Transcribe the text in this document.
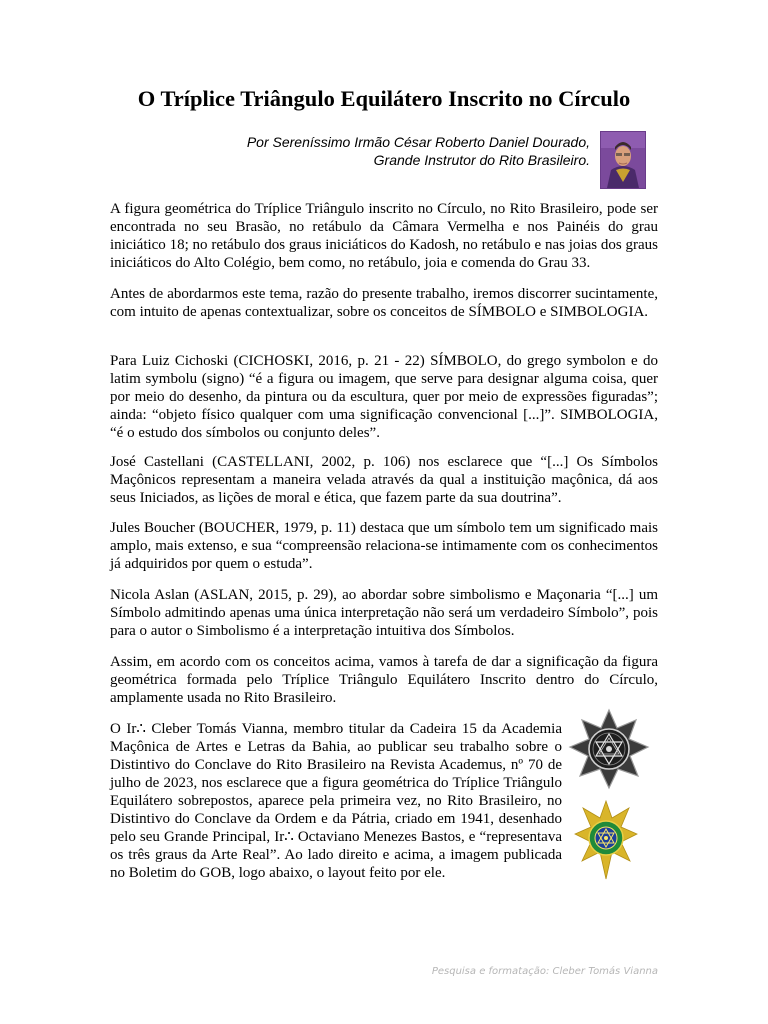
O Tríplice Triângulo Equilátero Inscrito no Círculo
Por Sereníssimo Irmão César Roberto Daniel Dourado,
Grande Instrutor do Rito Brasileiro.

A figura geométrica do Tríplice Triângulo inscrito no Círculo, no Rito Brasileiro, pode ser encontrada no seu Brasão, no retábulo da Câmara Vermelha e nos Painéis do grau iniciático 18; no retábulo dos graus iniciáticos do Kadosh, no retábulo e nas joias dos graus iniciáticos do Alto Colégio, bem como, no retábulo, joia e comenda do Grau 33.

Antes de abordarmos este tema, razão do presente trabalho, iremos discorrer sucintamente, com intuito de apenas contextualizar, sobre os conceitos de SÍMBOLO e SIMBOLOGIA.

Para Luiz Cichoski (CICHOSKI, 2016, p. 21 - 22) SÍMBOLO, do grego symbolon e do latim symbolu (signo) “é a figura ou imagem, que serve para designar alguma coisa, quer por meio do desenho, da pintura ou da escultura, quer por meio de expressões figuradas”; ainda: “objeto físico qualquer com uma significação convencional [...]”. SIMBOLOGIA, “é o estudo dos símbolos ou conjunto deles”.

José Castellani (CASTELLANI, 2002, p. 106) nos esclarece que “[...] Os Símbolos Maçônicos representam a maneira velada através da qual a instituição maçônica, dá aos seus Iniciados, as lições de moral e ética, que fazem parte da sua doutrina”.

Jules Boucher (BOUCHER, 1979, p. 11) destaca que um símbolo tem um significado mais amplo, mais extenso, e sua “compreensão relaciona-se intimamente com os conhecimentos já adquiridos por quem o estuda”.

Nicola Aslan (ASLAN, 2015, p. 29), ao abordar sobre simbolismo e Maçonaria “[...] um Símbolo admitindo apenas uma única interpretação não será um verdadeiro Símbolo”, pois para o autor o Simbolismo é a interpretação intuitiva dos Símbolos.

Assim, em acordo com os conceitos acima, vamos à tarefa de dar a significação da figura geométrica formada pelo Tríplice Triângulo Equilátero Inscrito dentro do Círculo, amplamente usada no Rito Brasileiro.

O Ir∴ Cleber Tomás Vianna, membro titular da Cadeira 15 da Academia Maçônica de Artes e Letras da Bahia, ao publicar seu trabalho sobre o Distintivo do Conclave do Rito Brasileiro na Revista Academus, nº 70 de julho de 2023, nos esclarece que a figura geométrica do Tríplice Triângulo Equilátero sobrepostos, aparece pela primeira vez, no Rito Brasileiro, no Distintivo do Conclave da Ordem e da Pátria, criado em 1941, desenhado pelo seu Grande Principal, Ir∴ Octaviano Menezes Bastos, e “representava os três graus da Arte Real”. Ao lado direito e acima, a imagem publicada no Boletim do GOB, logo abaixo, o layout feito por ele.

Pesquisa e formatação: Cleber Tomás Vianna
